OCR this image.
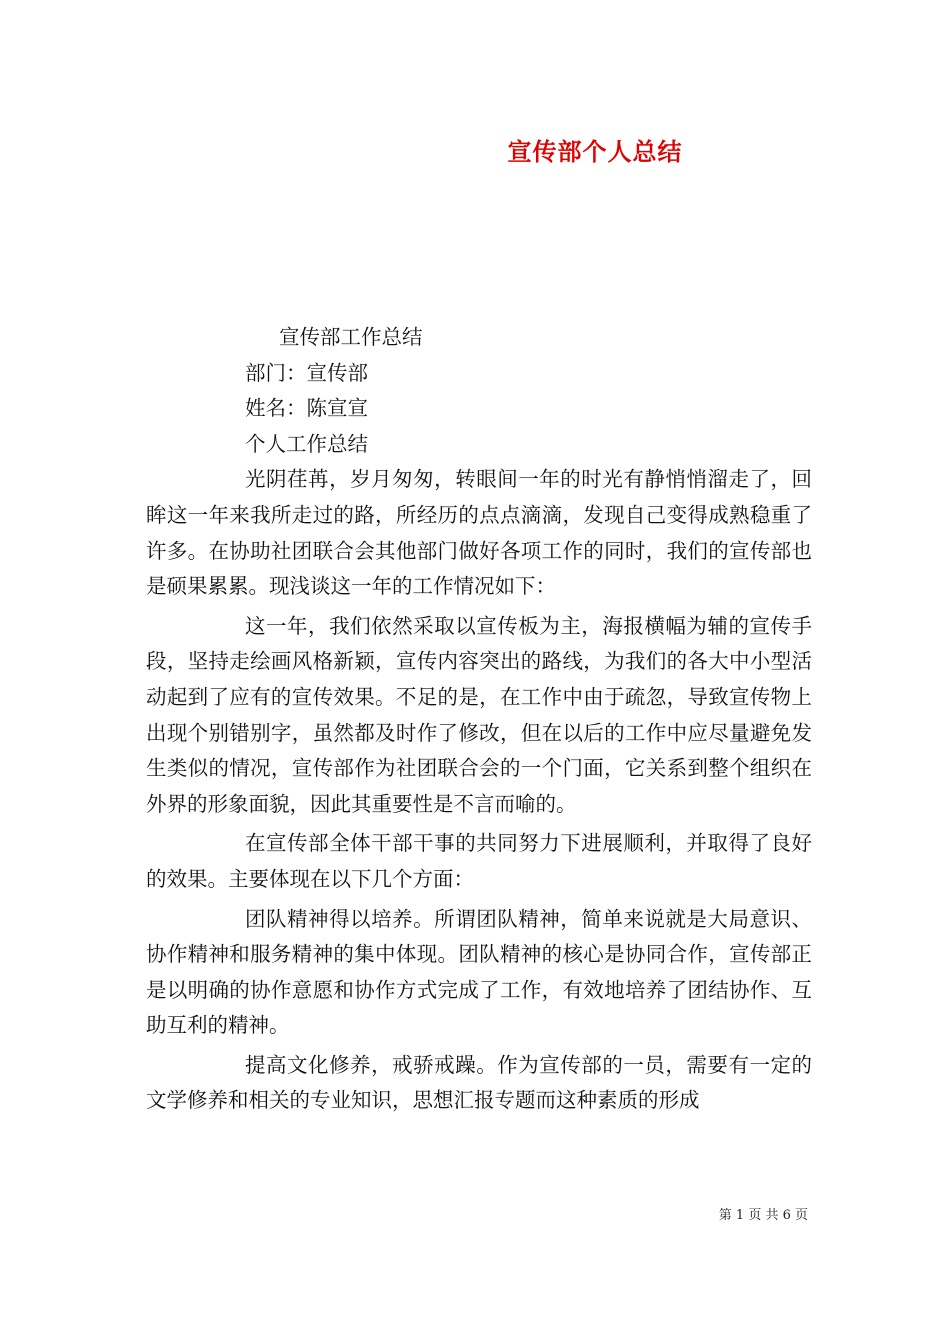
宣传部个人总结

宣传部工作总结

部门：宣传部

姓名：陈宣宣

个人工作总结

光阴荏苒，岁月匆匆，转眼间一年的时光有静悄悄溜走了，回眸这一年来我所走过的路，所经历的点点滴滴，发现自己变得成熟稳重了许多。在协助社团联合会其他部门做好各项工作的同时，我们的宣传部也是硕果累累。现浅谈这一年的工作情况如下：

这一年，我们依然采取以宣传板为主，海报横幅为辅的宣传手段，坚持走绘画风格新颖，宣传内容突出的路线，为我们的各大中小型活动起到了应有的宣传效果。不足的是，在工作中由于疏忽，导致宣传物上出现个别错别字，虽然都及时作了修改，但在以后的工作中应尽量避免发生类似的情况，宣传部作为社团联合会的一个门面，它关系到整个组织在外界的形象面貌，因此其重要性是不言而喻的。

在宣传部全体干部干事的共同努力下进展顺利，并取得了良好的效果。主要体现在以下几个方面：

团队精神得以培养。所谓团队精神，简单来说就是大局意识、协作精神和服务精神的集中体现。团队精神的核心是协同合作，宣传部正是以明确的协作意愿和协作方式完成了工作，有效地培养了团结协作、互助互利的精神。

提高文化修养，戒骄戒躁。作为宣传部的一员，需要有一定的文学修养和相关的专业知识，思想汇报专题而这种素质的形成

第 1 页 共 6 页
